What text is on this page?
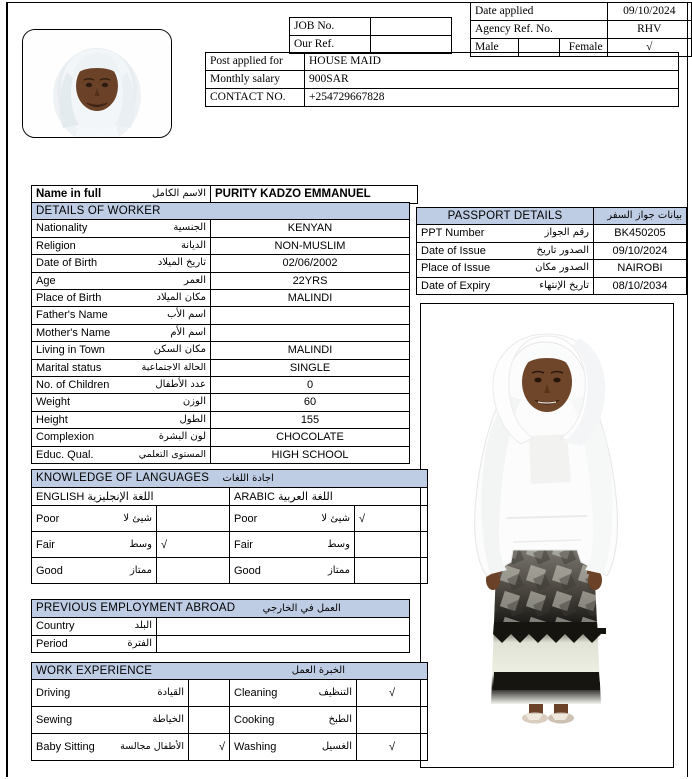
JOB No.	
Our Ref.	
Date applied			09/10/2024
Agency Ref. No.			RHV
Male		Female	√
Post applied for	HOUSE MAID
Monthly salary	900SAR
CONTACT NO.	+254729667828
Name in full	الاسم الكامل	PURITY KADZO EMMANUEL
DETAILS OF WORKER	
Nationality الجنسية	KENYAN
Religion الديانة	NON-MUSLIM
Date of Birth تاريخ الميلاد	02/06/2002
Age العمر	22YRS
Place of Birth مكان الميلاد	MALINDI
Father's Name اسم الأب	

Mother's Name اسم الأم	

Living in Town مكان السكن	MALINDI
Marital status الحالة الاجتماعية	SINGLE
No. of Children عدد الأطفال	0
Weight الوزن	60
Height الطول	155
Complexion لون البشرة	CHOCOLATE
Educ. Qual. المستوى التعلمي	HIGH SCHOOL
PASSPORT DETAILS	بيانات جواز السفر
PPT Number رقم الجواز	BK450205
Date of Issue الصدور تاريخ	09/10/2024
Place of Issue الصدور مكان	NAIROBI
Date of Expiry تاريخ الإنتهاء	08/10/2034
KNOWLEDGE OF LANGUAGES اجادة اللغات			
ENGLISH اللغة الإنجليزية		ARABIC اللغة العربية	
Poor شيئ لا		Poor شيئ لا	√
Fair وسط	√	Fair وسط	

Good ممتاز		Good ممتاز	

PREVIOUS EMPLOYMENT ABROAD العمل في الخارجي	
Country البلد	

Period الفترة	

WORK EXPERIENCE الخبرة العمل			

Driving القيادة		Cleaning التنظيف	√
Sewing الخياطة		Cooking الطبخ	

Baby Sitting الأطفال مجالسة	√	Washing الغسيل	√
